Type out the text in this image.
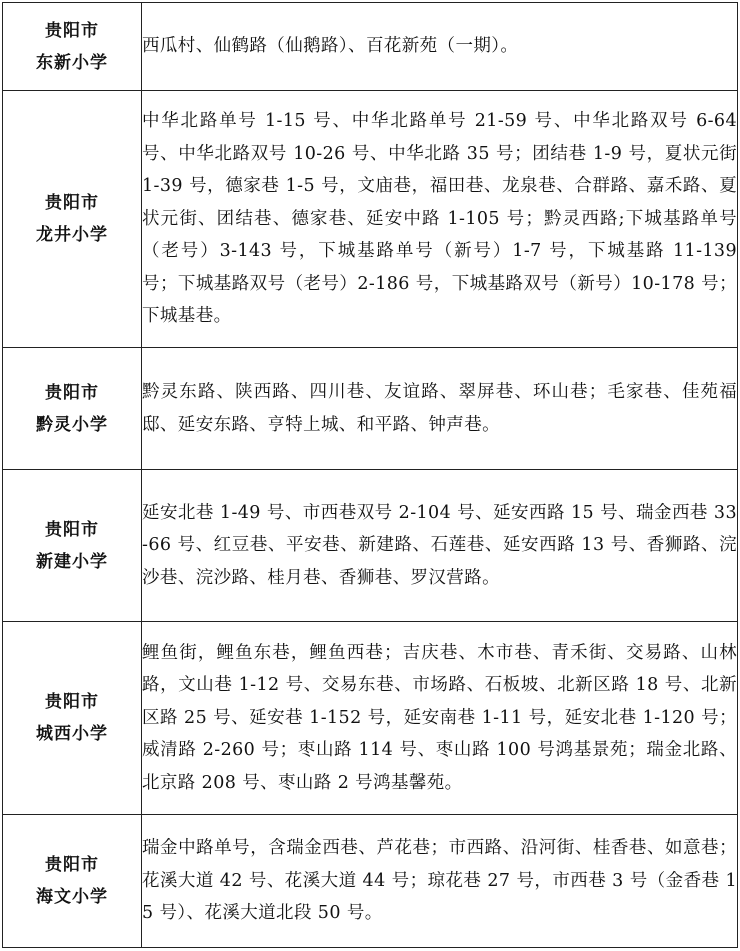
贵阳市
东新小学	西瓜村、仙鹤路（仙鹅路）、百花新苑（一期）。

贵阳市
龙井小学	中华北路单号 1-15 号、中华北路单号 21-59 号、中华北路双号 6-64 号、中华北路双号 10-26 号、中华北路 35 号；团结巷 1-9 号，夏状元街 1-39 号，德家巷 1-5 号，文庙巷，福田巷、龙泉巷、合群路、嘉禾路、夏状元街、团结巷、德家巷、延安中路 1-105 号；黔灵西路;下城基路单号（老号）3-143 号，下城基路单号（新号）1-7 号，下城基路 11-139 号；下城基路双号（老号）2-186 号，下城基路双号（新号）10-178 号；下城基巷。

贵阳市
黔灵小学	黔灵东路、陕西路、四川巷、友谊路、翠屏巷、环山巷；毛家巷、佳苑福邸、延安东路、亨特上城、和平路、钟声巷。

贵阳市
新建小学	延安北巷 1-49 号、市西巷双号 2-104 号、延安西路 15 号、瑞金西巷 33-66 号、红豆巷、平安巷、新建路、石莲巷、延安西路 13 号、香狮路、浣沙巷、浣沙路、桂月巷、香狮巷、罗汉营路。

贵阳市
城西小学	鲤鱼街，鲤鱼东巷，鲤鱼西巷；吉庆巷、木市巷、青禾街、交易路、山林路，文山巷 1-12 号、交易东巷、市场路、石板坡、北新区路 18 号、北新区路 25 号、延安巷 1-152 号，延安南巷 1-11 号，延安北巷 1-120 号；威清路 2-260 号；枣山路 114 号、枣山路 100 号鸿基景苑；瑞金北路、北京路 208 号、枣山路 2 号鸿基馨苑。

贵阳市
海文小学	瑞金中路单号，含瑞金西巷、芦花巷；市西路、沿河街、桂香巷、如意巷；花溪大道 42 号、花溪大道 44 号；琼花巷 27 号，市西巷 3 号（金香巷 15 号）、花溪大道北段 50 号。
